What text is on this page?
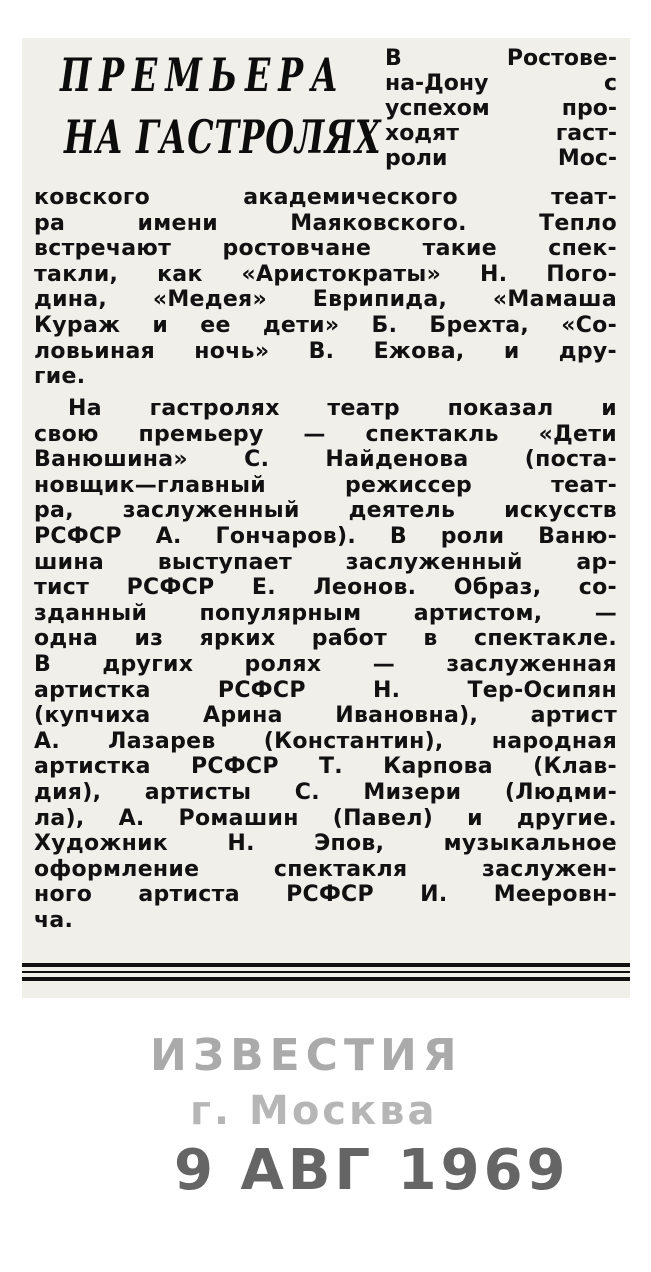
ПРЕМЬЕРА
НА ГАСТРОЛЯХ
В Ростове-
на-Дону с
успехом про-
ходят гаст-
роли Мос-
ковского академического теат-
ра имени Маяковского. Тепло
встречают ростовчане такие спек-
такли, как «Аристократы» Н. Пого-
дина, «Медея» Еврипида, «Мамаша
Кураж и ее дети» Б. Брехта, «Со-
ловьиная ночь» В. Ежова, и дру-
гие.
На гастролях театр показал и
свою премьеру — спектакль «Дети
Ванюшина» С. Найденова (поста-
новщик—главный режиссер теат-
ра, заслуженный деятель искусств
РСФСР А. Гончаров). В роли Ваню-
шина выступает заслуженный ар-
тист РСФСР Е. Леонов. Образ, со-
зданный популярным артистом, —
одна из ярких работ в спектакле.
В других ролях — заслуженная
артистка РСФСР Н. Тер-Осипян
(купчиха Арина Ивановна), артист
А. Лазарев (Константин), народная
артистка РСФСР Т. Карпова (Клав-
дия), артисты С. Мизери (Людми-
ла), А. Ромашин (Павел) и другие.
Художник Н. Эпов, музыкальное
оформление спектакля заслужен-
ного артиста РСФСР И. Мееровн-
ча.
ИЗВЕСТИЯ
г. Москва
9 АВГ 1969
